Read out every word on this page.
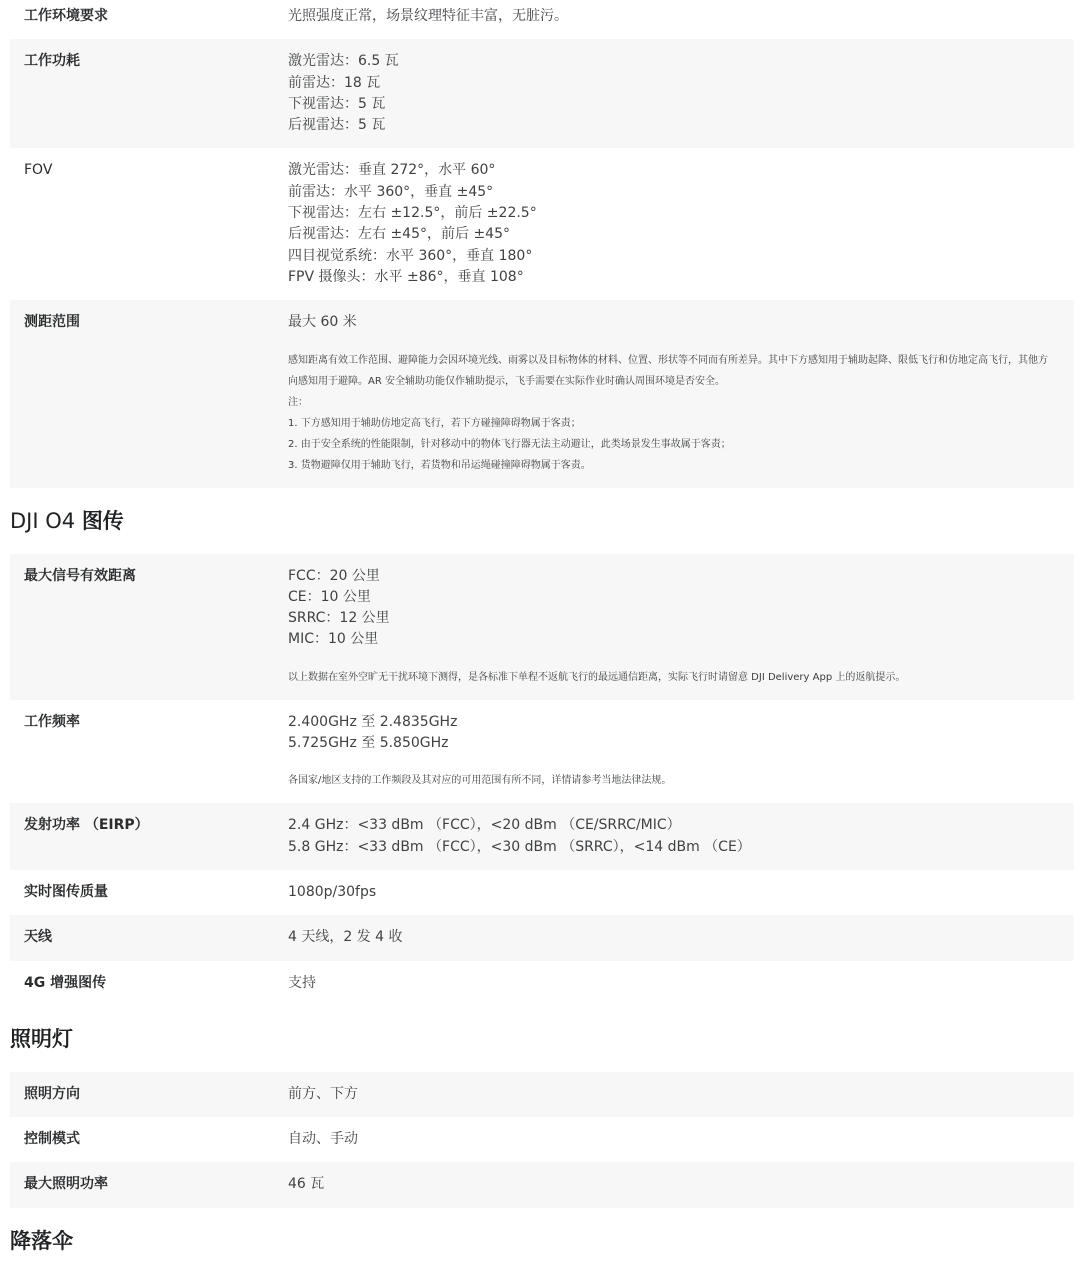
工作环境要求	光照强度正常，场景纹理特征丰富，无脏污。
工作功耗	激光雷达：6.5 瓦
前雷达：18 瓦
下视雷达：5 瓦
后视雷达：5 瓦
FOV	激光雷达：垂直 272°，水平 60°
前雷达：水平 360°，垂直 ±45°
下视雷达：左右 ±12.5°，前后 ±22.5°
后视雷达：左右 ±45°，前后 ±45°
四目视觉系统：水平 360°，垂直 180°
FPV 摄像头：水平 ±86°，垂直 108°
测距范围	最大 60 米
感知距离有效工作范围、避障能力会因环境光线、雨雾以及目标物体的材料、位置、形状等不同而有所差异。其中下方感知用于辅助起降、限低飞行和仿地定高飞行，其他方向感知用于避障。AR 安全辅助功能仅作辅助提示，飞手需要在实际作业时确认周围环境是否安全。
注：
1. 下方感知用于辅助仿地定高飞行，若下方碰撞障碍物属于客责；
2. 由于安全系统的性能限制，针对移动中的物体飞行器无法主动避让，此类场景发生事故属于客责；
3. 货物避障仅用于辅助飞行，若货物和吊运绳碰撞障碍物属于客责。
DJI O4 图传
最大信号有效距离	FCC：20 公里
CE：10 公里
SRRC：12 公里
MIC：10 公里
以上数据在室外空旷无干扰环境下测得，是各标准下单程不返航飞行的最远通信距离，实际飞行时请留意 DJI Delivery App 上的返航提示。
工作频率	2.400GHz 至 2.4835GHz
5.725GHz 至 5.850GHz
各国家/地区支持的工作频段及其对应的可用范围有所不同，详情请参考当地法律法规。
发射功率 （EIRP）	2.4 GHz：<33 dBm （FCC），<20 dBm （CE/SRRC/MIC）
5.8 GHz：<33 dBm （FCC），<30 dBm （SRRC），<14 dBm （CE）
实时图传质量	1080p/30fps
天线	4 天线，2 发 4 收
4G 增强图传	支持
照明灯
照明方向	前方、下方
控制模式	自动、手动
最大照明功率	46 瓦
降落伞
